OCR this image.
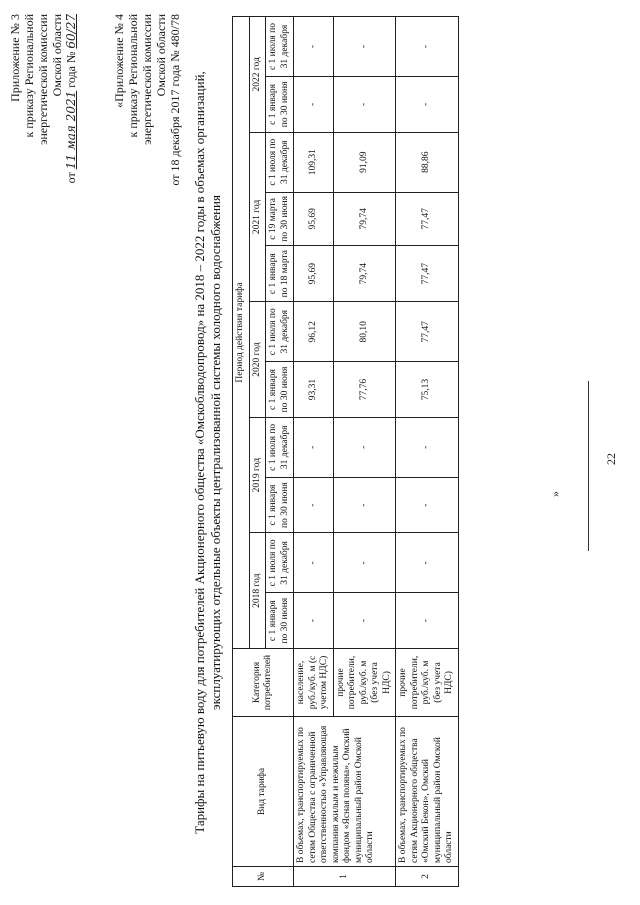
22
Приложение № 3 к приказу Региональной энергетической комиссии Омской области
от 11 мая 2021 года № 60/27	«Приложение № 4 к приказу Региональной энергетической комиссии Омской области от 18 декабря 2017 года № 480/78 Тарифы на питьевую воду для потребителей Акционерного общества «Омскоблводопровод» на 2018 – 2022 годы в объемах организаций, эксплуатирующих отдельные объекты централизованной системы холодного водоснабжения
№	Вид тарифа	Категория потребителей	Период действия тарифа										
			2018 год		2019 год		2020 год		2021 год			2022 год	
			с 1 января по 30 июня	с 1 июля по 31 декабря	с 1 января по 30 июня	с 1 июля по 31 декабря	с 1 января по 30 июня	с 1 июля по 31 декабря	с 1 января по 18 марта	с 19 марта по 30 июня	с 1 июля по 31 декабря	с 1 января по 30 июня	с 1 июля по 31 декабря
1	В объемах, транспортируемых по сетям Общества с ограниченной ответственностью «Управляющая компания жилым и нежилым фондом «Ясная поляна», Омский муниципальный район Омской области	население, руб./куб. м (с учетом НДС)	-	-	-	-	93,31	96,12	95,69	95,69	109,31	-	-
		прочие потребители, руб./куб. м (без учета НДС)	-	-	-	-	77,76	80,10	79,74	79,74	91,09	-	-
2	В объемах, транспортируемых по сетям Акционерного общества «Омский Бекон», Омский муниципальный район Омской области	прочие потребители, руб./куб. м (без учета НДС)	-	-	-	-	75,13	77,47	77,47	77,47	88,86	-	-
»
